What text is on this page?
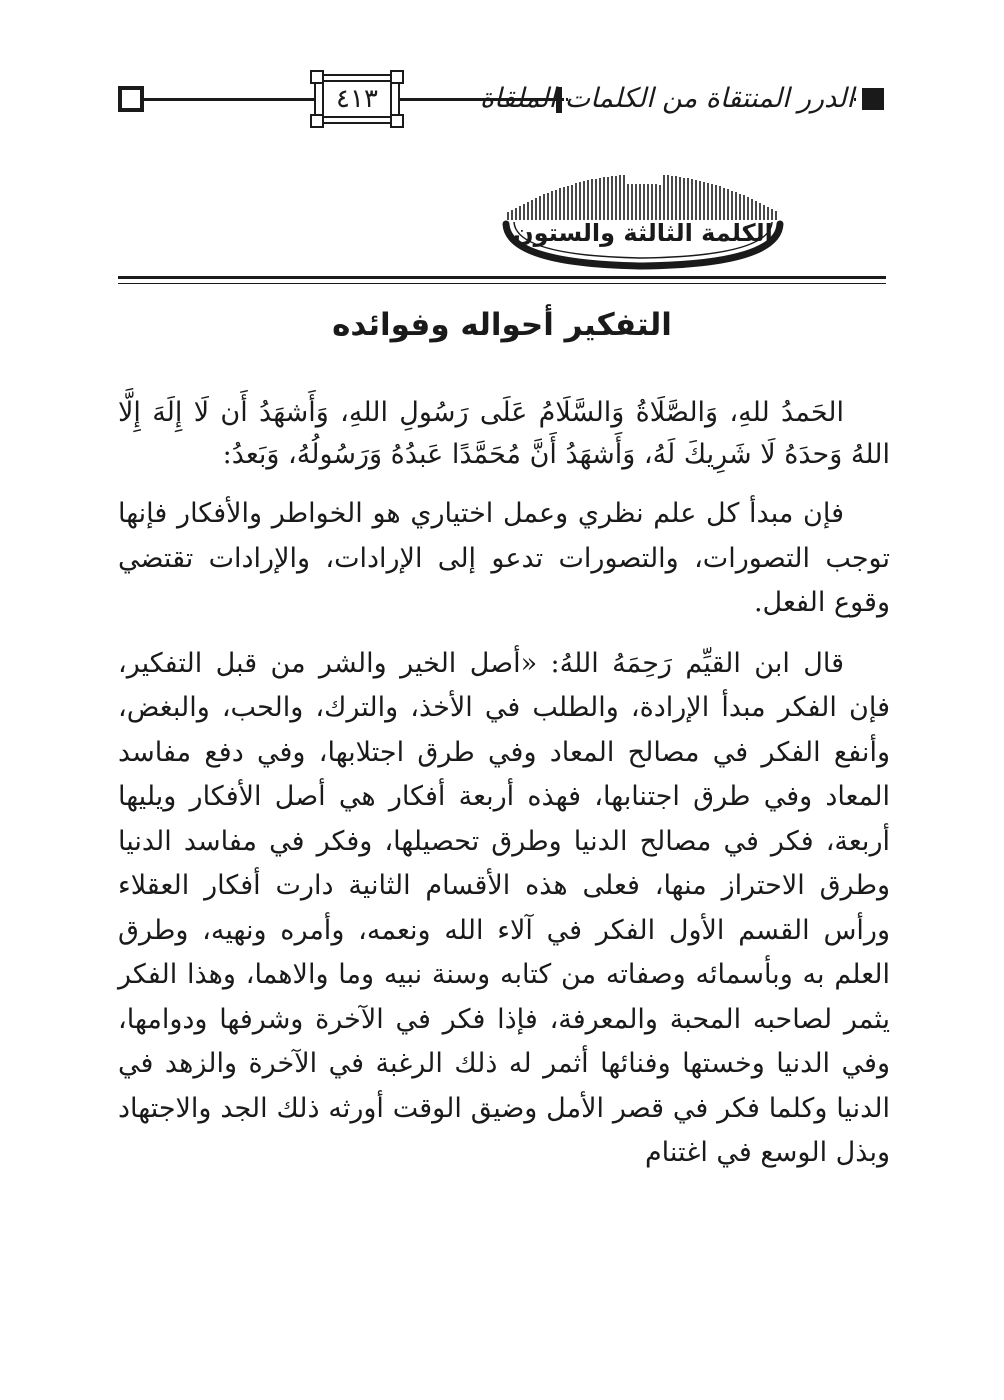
الدرر المنتقاة من الكلمات الملقاة
٤١٣
الكلمة الثالثة والستون
التفكير أحواله وفوائده

الحَمدُ للهِ، وَالصَّلَاةُ وَالسَّلَامُ عَلَى رَسُولِ اللهِ، وَأَشهَدُ أَن لَا إِلَهَ إِلَّا اللهُ وَحدَهُ لَا شَرِيكَ لَهُ، وَأَشهَدُ أَنَّ مُحَمَّدًا عَبدُهُ وَرَسُولُهُ، وَبَعدُ:

فإن مبدأ كل علم نظري وعمل اختياري هو الخواطر والأفكار فإنها توجب التصورات، والتصورات تدعو إلى الإرادات، والإرادات تقتضي وقوع الفعل.

قال ابن القيِّم رَحِمَهُ اللهُ: «أصل الخير والشر من قبل التفكير، فإن الفكر مبدأ الإرادة، والطلب في الأخذ، والترك، والحب، والبغض، وأنفع الفكر في مصالح المعاد وفي طرق اجتلابها، وفي دفع مفاسد المعاد وفي طرق اجتنابها، فهذه أربعة أفكار هي أصل الأفكار ويليها أربعة، فكر في مصالح الدنيا وطرق تحصيلها، وفكر في مفاسد الدنيا وطرق الاحتراز منها، فعلى هذه الأقسام الثانية دارت أفكار العقلاء ورأس القسم الأول الفكر في آلاء الله ونعمه، وأمره ونهيه، وطرق العلم به وبأسمائه وصفاته من كتابه وسنة نبيه وما والاهما، وهذا الفكر يثمر لصاحبه المحبة والمعرفة، فإذا فكر في الآخرة وشرفها ودوامها، وفي الدنيا وخستها وفنائها أثمر له ذلك الرغبة في الآخرة والزهد في الدنيا وكلما فكر في قصر الأمل وضيق الوقت أورثه ذلك الجد والاجتهاد وبذل الوسع في اغتنام
